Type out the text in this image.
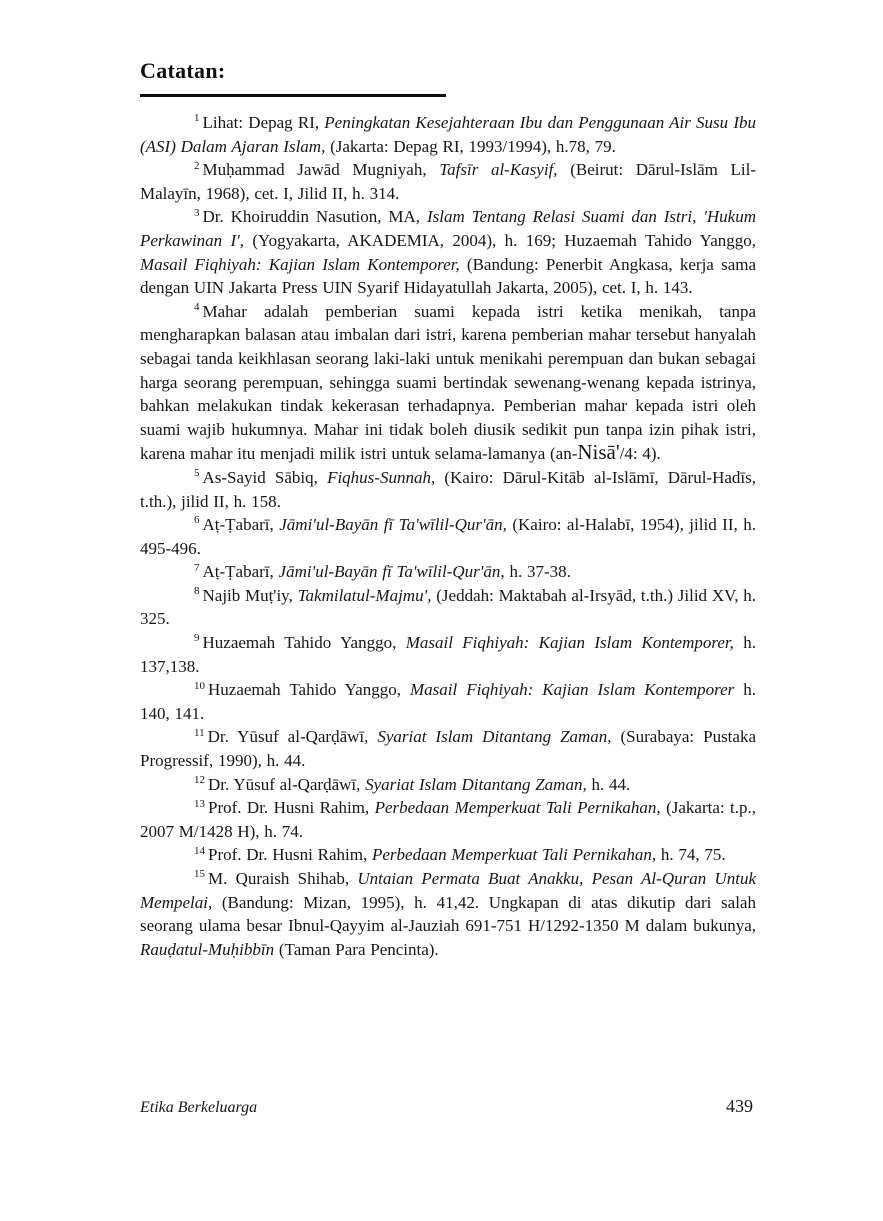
Catatan:

$^1$ Lihat: Depag RI, Peningkatan Kesejahteraan Ibu dan Penggunaan Air Susu Ibu (ASI) Dalam Ajaran Islam, (Jakarta: Depag RI, 1993/1994), h.78, 79.

$^2$ Muḥammad Jawād Mugniyah, Tafsīr al-Kasyif, (Beirut: Dārul-Islām Lil-Malayīn, 1968), cet. I, Jilid II, h. 314.

$^3$ Dr. Khoiruddin Nasution, MA, Islam Tentang Relasi Suami dan Istri, 'Hukum Perkawinan I', (Yogyakarta, AKADEMIA, 2004), h. 169; Huzaemah Tahido Yanggo, Masail Fiqhiyah: Kajian Islam Kontemporer, (Bandung: Penerbit Angkasa, kerja sama dengan UIN Jakarta Press UIN Syarif Hidayatullah Jakarta, 2005), cet. I, h. 143.

$^4$ Mahar adalah pemberian suami kepada istri ketika menikah, tanpa mengharapkan balasan atau imbalan dari istri, karena pemberian mahar tersebut hanyalah sebagai tanda keikhlasan seorang laki-laki untuk menikahi perempuan dan bukan sebagai harga seorang perempuan, sehingga suami bertindak sewenang-wenang kepada istrinya, bahkan melakukan tindak kekerasan terhadapnya. Pemberian mahar kepada istri oleh suami wajib hukumnya. Mahar ini tidak boleh diusik sedikit pun tanpa izin pihak istri, karena mahar itu menjadi milik istri untuk selama-lamanya (an-Nisā'/4: 4).

$^5$ As-Sayid Sābiq, Fiqhus-Sunnah, (Kairo: Dārul-Kitāb al-Islāmī, Dārul-Hadīs, t.th.), jilid II, h. 158.

$^6$ Aṭ-Ṭabarī, Jāmi'ul-Bayān fī Ta'wīlil-Qur'ān, (Kairo: al-Halabī, 1954), jilid II, h. 495-496.

$^7$ Aṭ-Ṭabarī, Jāmi'ul-Bayān fī Ta'wīlil-Qur'ān, h. 37-38.

$^8$ Najib Muṭ'iy, Takmilatul-Majmu', (Jeddah: Maktabah al-Irsyād, t.th.) Jilid XV, h. 325.

$^9$ Huzaemah Tahido Yanggo, Masail Fiqhiyah: Kajian Islam Kontemporer, h. 137,138.

$^{10}$ Huzaemah Tahido Yanggo, Masail Fiqhiyah: Kajian Islam Kontemporer h. 140, 141.

$^{11}$ Dr. Yūsuf al-Qarḍāwī, Syariat Islam Ditantang Zaman, (Surabaya: Pustaka Progressif, 1990), h. 44.

$^{12}$ Dr. Yūsuf al-Qarḍāwī, Syariat Islam Ditantang Zaman, h. 44.

$^{13}$ Prof. Dr. Husni Rahim, Perbedaan Memperkuat Tali Pernikahan, (Jakarta: t.p., 2007 M/1428 H), h. 74.

$^{14}$ Prof. Dr. Husni Rahim, Perbedaan Memperkuat Tali Pernikahan, h. 74, 75.

$^{15}$ M. Quraish Shihab, Untaian Permata Buat Anakku, Pesan Al-Quran Untuk Mempelai, (Bandung: Mizan, 1995), h. 41,42. Ungkapan di atas dikutip dari salah seorang ulama besar Ibnul-Qayyim al-Jauziah 691-751 H/1292-1350 M dalam bukunya, Rauḍatul-Muḥibbīn (Taman Para Pencinta).

Etika Berkeluarga	439
